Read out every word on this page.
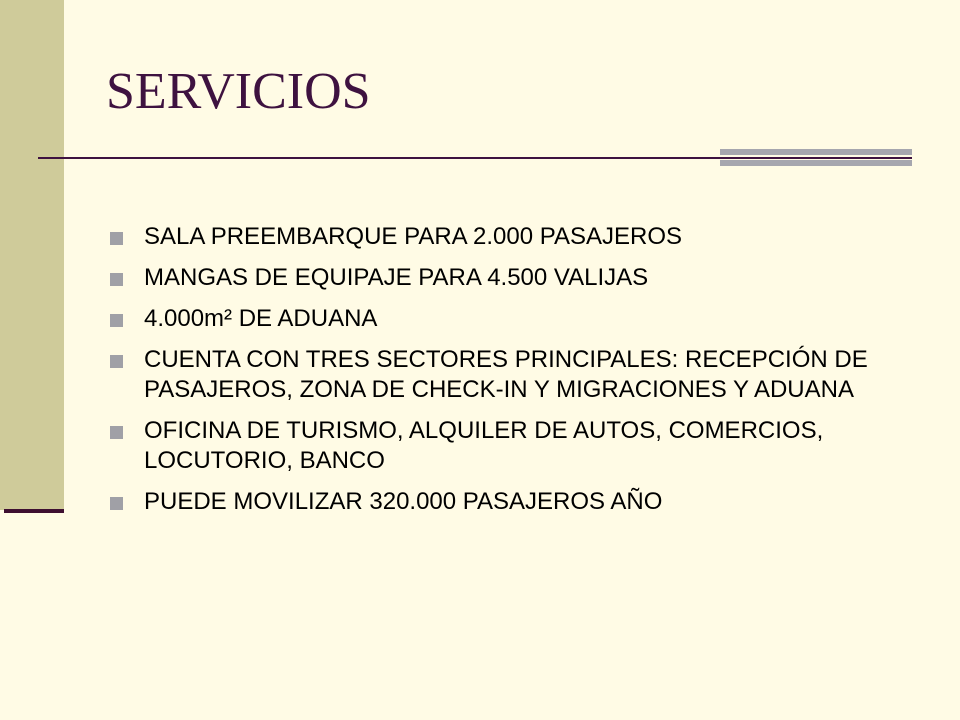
SERVICIOS
SALA PREEMBARQUE PARA 2.000 PASAJEROS
MANGAS DE EQUIPAJE PARA 4.500 VALIJAS
4.000m² DE ADUANA
CUENTA CON TRES SECTORES PRINCIPALES: RECEPCIÓN DE PASAJEROS, ZONA DE CHECK-IN Y MIGRACIONES Y ADUANA
OFICINA DE TURISMO, ALQUILER DE AUTOS, COMERCIOS, LOCUTORIO, BANCO
PUEDE MOVILIZAR 320.000 PASAJEROS AÑO
